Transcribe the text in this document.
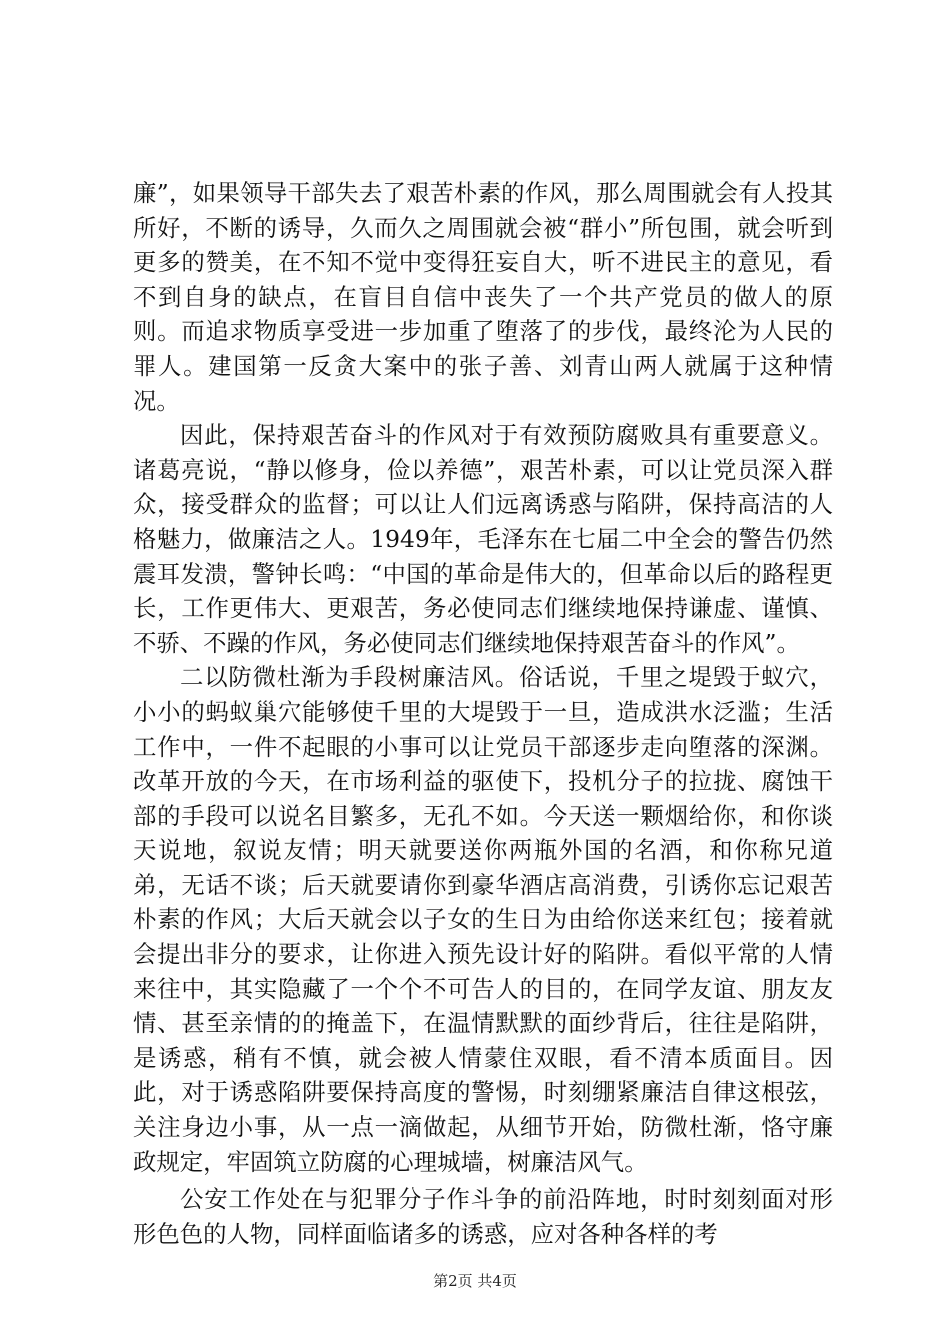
廉”，如果领导干部失去了艰苦朴素的作风，那么周围就会有人投其所好，不断的诱导，久而久之周围就会被“群小”所包围，就会听到更多的赞美，在不知不觉中变得狂妄自大，听不进民主的意见，看不到自身的缺点，在盲目自信中丧失了一个共产党员的做人的原则。而追求物质享受进一步加重了堕落了的步伐，最终沦为人民的罪人。建国第一反贪大案中的张子善、刘青山两人就属于这种情况。

因此，保持艰苦奋斗的作风对于有效预防腐败具有重要意义。诸葛亮说，“静以修身，俭以养德”，艰苦朴素，可以让党员深入群众，接受群众的监督；可以让人们远离诱惑与陷阱，保持高洁的人格魅力，做廉洁之人。1949年，毛泽东在七届二中全会的警告仍然震耳发溃，警钟长鸣：“中国的革命是伟大的，但革命以后的路程更长，工作更伟大、更艰苦，务必使同志们继续地保持谦虚、谨慎、不骄、不躁的作风，务必使同志们继续地保持艰苦奋斗的作风”。

二以防微杜渐为手段树廉洁风。俗话说，千里之堤毁于蚁穴，小小的蚂蚁巢穴能够使千里的大堤毁于一旦，造成洪水泛滥；生活工作中，一件不起眼的小事可以让党员干部逐步走向堕落的深渊。改革开放的今天，在市场利益的驱使下，投机分子的拉拢、腐蚀干部的手段可以说名目繁多，无孔不如。今天送一颗烟给你，和你谈天说地，叙说友情；明天就要送你两瓶外国的名酒，和你称兄道弟，无话不谈；后天就要请你到豪华酒店高消费，引诱你忘记艰苦朴素的作风；大后天就会以子女的生日为由给你送来红包；接着就会提出非分的要求，让你进入预先设计好的陷阱。看似平常的人情来往中，其实隐藏了一个个不可告人的目的，在同学友谊、朋友友情、甚至亲情的的掩盖下，在温情默默的面纱背后，往往是陷阱，是诱惑，稍有不慎，就会被人情蒙住双眼，看不清本质面目。因此，对于诱惑陷阱要保持高度的警惕，时刻绷紧廉洁自律这根弦，关注身边小事，从一点一滴做起，从细节开始，防微杜渐，恪守廉政规定，牢固筑立防腐的心理城墙，树廉洁风气。

公安工作处在与犯罪分子作斗争的前沿阵地，时时刻刻面对形形色色的人物，同样面临诸多的诱惑，应对各种各样的考

第2页 共4页
